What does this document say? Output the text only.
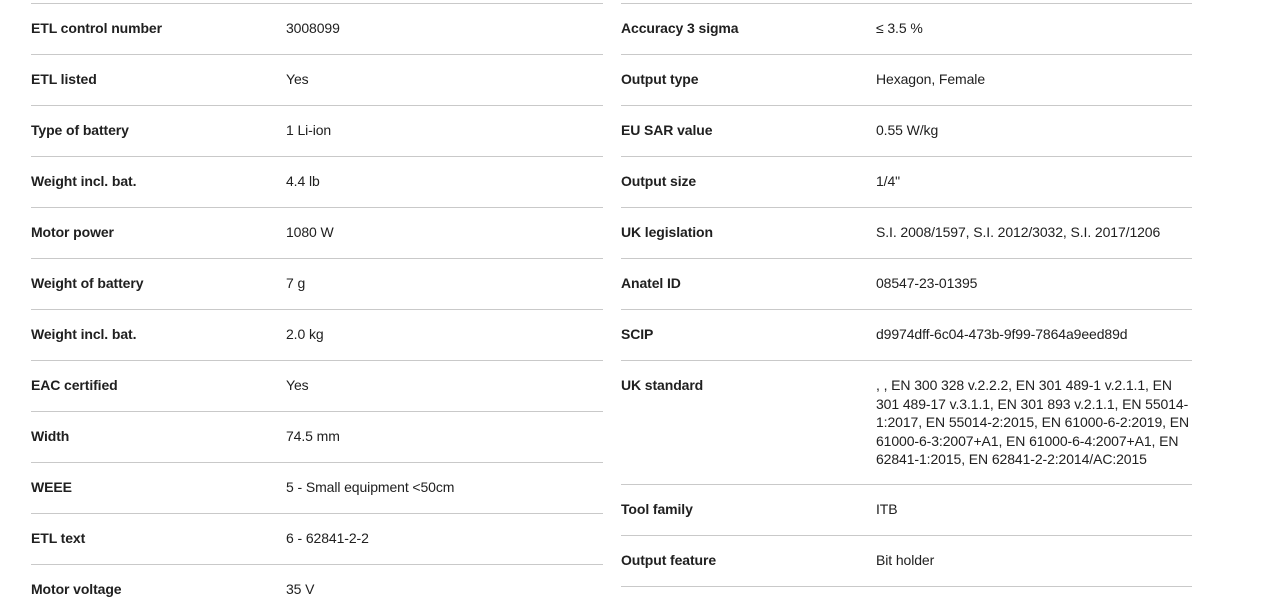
ETL control number	3008099
ETL listed	Yes
Type of battery	1 Li-ion
Weight incl. bat.	4.4 lb
Motor power	1080 W
Weight of battery	7 g
Weight incl. bat.	2.0 kg
EAC certified	Yes
Width	74.5 mm
WEEE	5 - Small equipment <50cm
ETL text	6 - 62841-2-2
Motor voltage	35 V
Accuracy 3 sigma	≤ 3.5 %
Output type	Hexagon, Female
EU SAR value	0.55 W/kg
Output size	1/4"
UK legislation	S.I. 2008/1597, S.I. 2012/3032, S.I. 2017/1206
Anatel ID	08547-23-01395
SCIP	d9974dff-6c04-473b-9f99-7864a9eed89d
UK standard	, , EN 300 328 v.2.2.2, EN 301 489-1 v.2.1.1, EN 301 489-17 v.3.1.1, EN 301 893 v.2.1.1, EN 55014-1:2017, EN 55014-2:2015, EN 61000-6-2:2019, EN 61000-6-3:2007+A1, EN 61000-6-4:2007+A1, EN 62841-1:2015, EN 62841-2-2:2014/AC:2015
Tool family	ITB
Output feature	Bit holder
